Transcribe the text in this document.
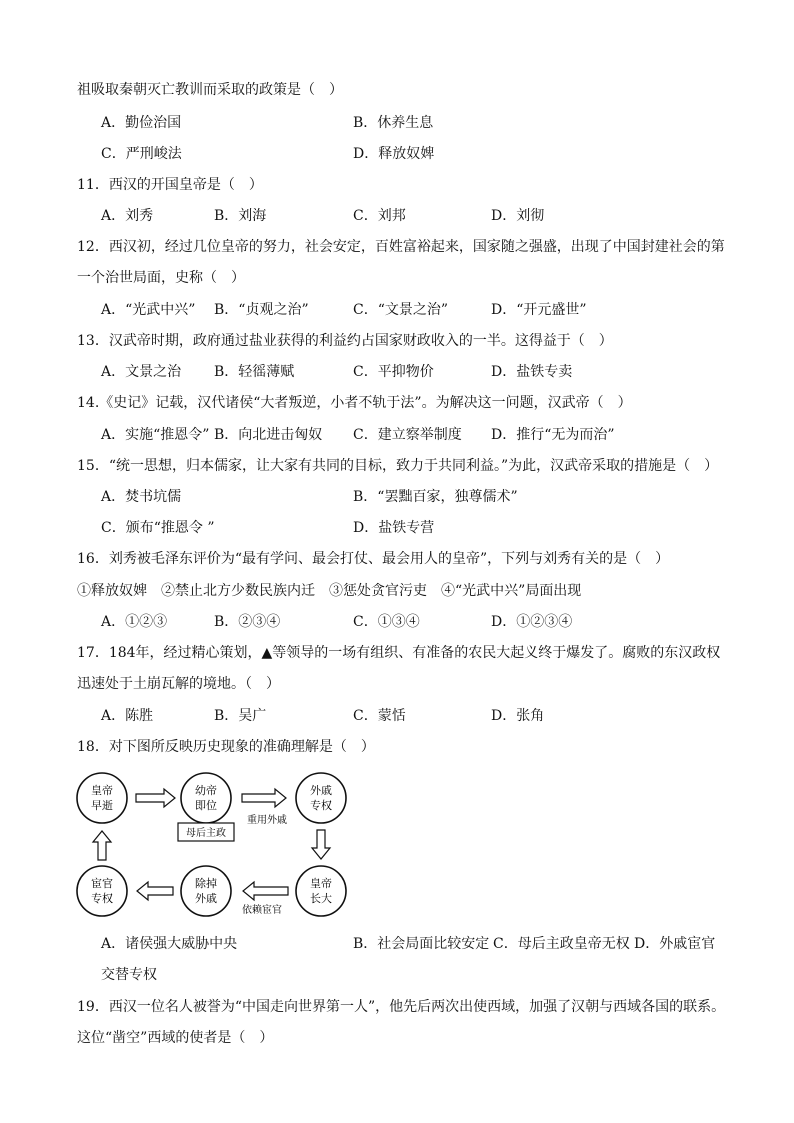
祖吸取秦朝灭亡教训而采取的政策是（　）
A．勤俭治国	B．休养生息
C．严刑峻法	D．释放奴婢
11．西汉的开国皇帝是（　）
A．刘秀	B．刘海	C．刘邦	D．刘彻
12．西汉初，经过几位皇帝的努力，社会安定，百姓富裕起来，国家随之强盛，出现了中国封建社会的第
一个治世局面，史称（　）
A．“光武中兴” B．“贞观之治”	C．“文景之治”	D．“开元盛世”
13．汉武帝时期，政府通过盐业获得的利益约占国家财政收入的一半。这得益于（　）
A．文景之治 B．轻徭薄赋	C．平抑物价	D．盐铁专卖
14.《史记》记载，汉代诸侯“大者叛逆，小者不轨于法”。为解决这一问题，汉武帝（　）
A．实施“推恩令” B．向北进击匈奴 C．建立察举制度 D．推行“无为而治”
15．“统一思想，归本儒家，让大家有共同的目标，致力于共同利益。”为此，汉武帝采取的措施是（　）
A．焚书坑儒	B．“罢黜百家，独尊儒术”
C．颁布“推恩令 ”	D．盐铁专营
16．刘秀被毛泽东评价为“最有学问、最会打仗、最会用人的皇帝”，下列与刘秀有关的是（　）
①释放奴婢　②禁止北方少数民族内迁　③惩处贪官污吏　④“光武中兴”局面出现
A．①②③	B．②③④	C．①③④	D．①②③④
17．184年，经过精心策划，▲等领导的一场有组织、有准备的农民大起义终于爆发了。腐败的东汉政权
迅速处于土崩瓦解的境地。（　）
A．陈胜	B．吴广	C．蒙恬	D．张角
18．对下图所反映历史现象的准确理解是（　）
皇帝
早逝
幼帝
即位
外戚
专权
皇帝
长大
除掉
外戚
宦官
专权
母后主政
重用外戚
依赖宦官
A．诸侯强大威胁中央	B．社会局面比较安定 C．母后主政皇帝无权 D．外戚宦官
交替专权
19．西汉一位名人被誉为“中国走向世界第一人”，他先后两次出使西域，加强了汉朝与西域各国的联系。
这位“凿空”西域的使者是（　）
